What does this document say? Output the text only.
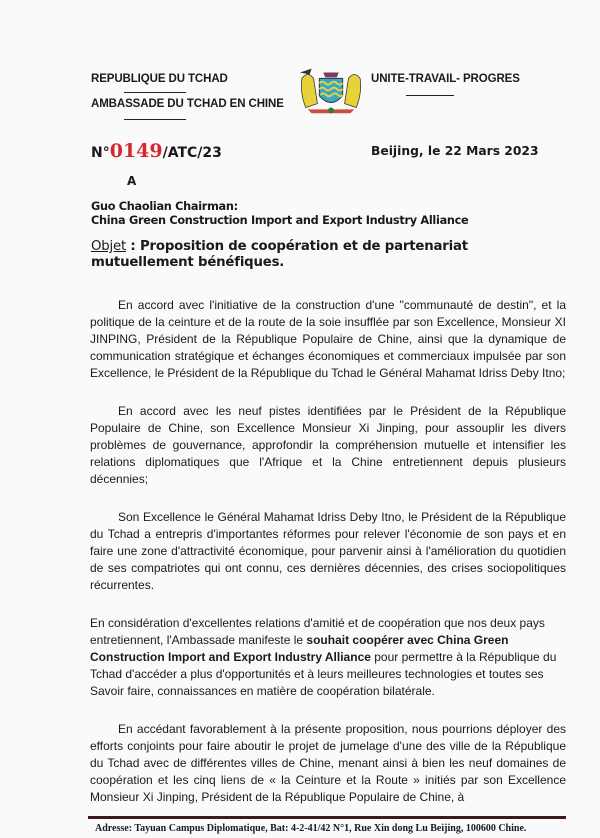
REPUBLIQUE DU TCHAD
AMBASSADE DU TCHAD EN CHINE
UNITE-TRAVAIL- PROGRES
N°0149/ATC/23	Beijing, le 22 Mars 2023
A
Guo Chaolian Chairman:
China Green Construction Import and Export Industry Alliance
Objet : Proposition de coopération et de partenariat mutuellement bénéfiques.

En accord avec l'initiative de la construction d'une "communauté de destin", et la politique de la ceinture et de la route de la soie insufflée par son Excellence, Monsieur XI JINPING, Président de la République Populaire de Chine, ainsi que la dynamique de communication stratégique et échanges économiques et commerciaux impulsée par son Excellence, le Président de la République du Tchad le Général Mahamat Idriss Deby Itno;

En accord avec les neuf pistes identifiées par le Président de la République Populaire de Chine, son Excellence Monsieur Xi Jinping, pour assouplir les divers problèmes de gouvernance, approfondir la compréhension mutuelle et intensifier les relations diplomatiques que l'Afrique et la Chine entretiennent depuis plusieurs décennies;

Son Excellence le Général Mahamat Idriss Deby Itno, le Président de la République du Tchad a entrepris d'importantes réformes pour relever l'économie de son pays et en faire une zone d'attractivité économique, pour parvenir ainsi à l'amélioration du quotidien de ses compatriotes qui ont connu, ces dernières décennies, des crises sociopolitiques récurrentes.

En considération d'excellentes relations d'amitié et de coopération que nos deux pays entretiennent, l'Ambassade manifeste le souhait coopérer avec China Green Construction Import and Export Industry Alliance pour permettre à la République du Tchad d'accéder a plus d'opportunités et à leurs meilleures technologies et toutes ses Savoir faire, connaissances en matière de coopération bilatérale.

En accédant favorablement à la présente proposition, nous pourrions déployer des efforts conjoints pour faire aboutir le projet de jumelage d'une des ville de la République du Tchad avec de différentes villes de Chine, menant ainsi à bien les neuf domaines de coopération et les cinq liens de « la Ceinture et la Route » initiés par son Excellence Monsieur Xi Jinping, Président de la République Populaire de Chine, à

Adresse: Tayuan Campus Diplomatique, Bat: 4-2-41/42 N°1, Rue Xin dong Lu Beijing, 100600 Chine.
